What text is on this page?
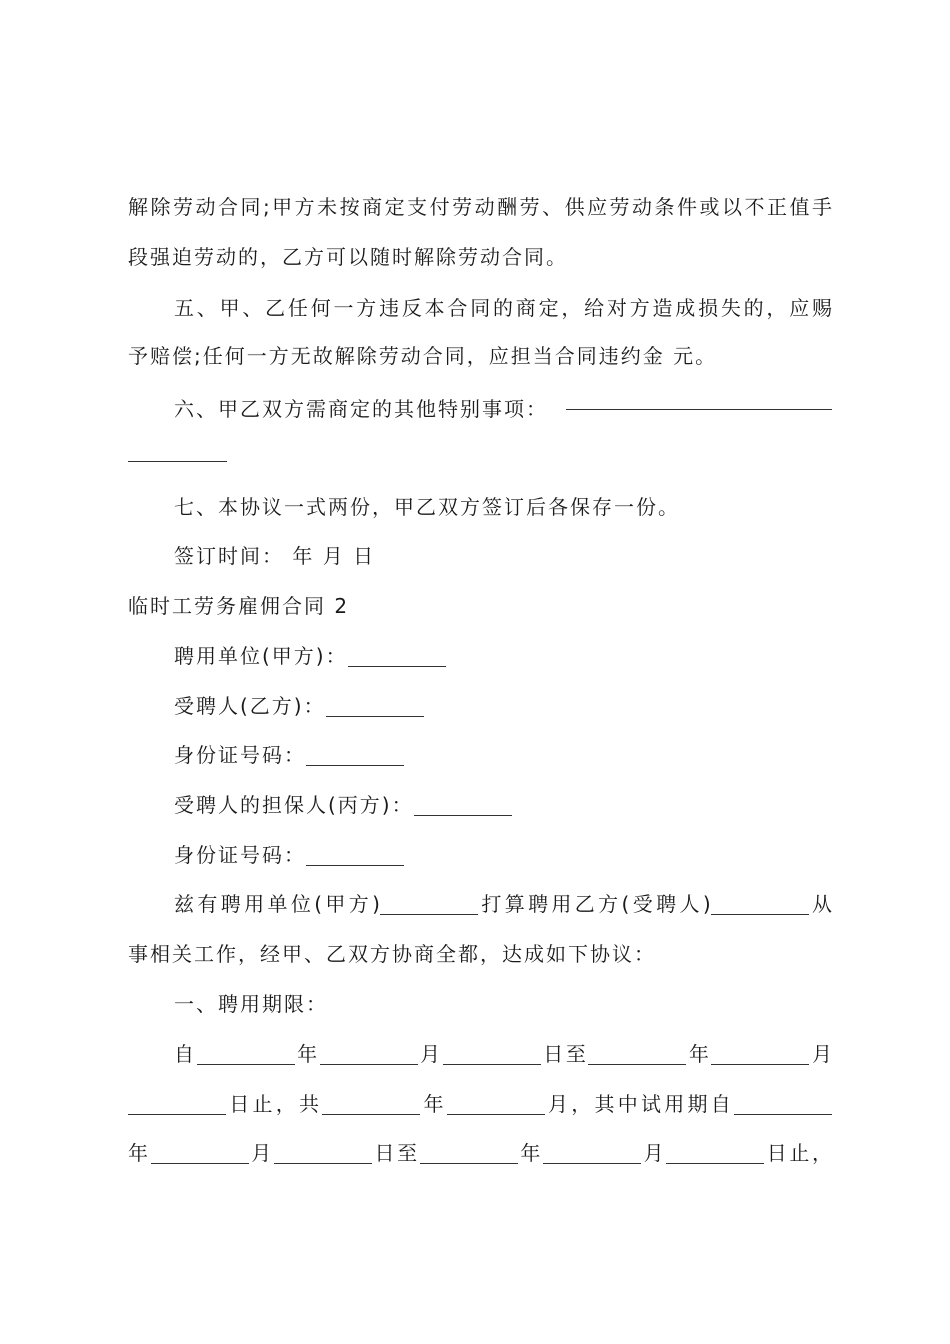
解除劳动合同;甲方未按商定支付劳动酬劳、供应劳动条件或以不正值手
段强迫劳动的，乙方可以随时解除劳动合同。
五、甲、乙任何一方违反本合同的商定，给对方造成损失的，应赐
予赔偿;任何一方无故解除劳动合同，应担当合同违约金 元。
六、甲乙双方需商定的其他特别事项：
七、本协议一式两份，甲乙双方签订后各保存一份。
签订时间： 年 月 日
临时工劳务雇佣合同 2
聘用单位(甲方)：
受聘人(乙方)：
身份证号码：
受聘人的担保人(丙方)：
身份证号码：
兹有聘用单位(甲方)	打算聘用乙方(受聘人)	从
事相关工作，经甲、乙双方协商全都，达成如下协议：
一、聘用期限：
自	年	月	日至	年	月
日止，共	年	月，其中试用期自
年	月	日至	年	月	日止，
